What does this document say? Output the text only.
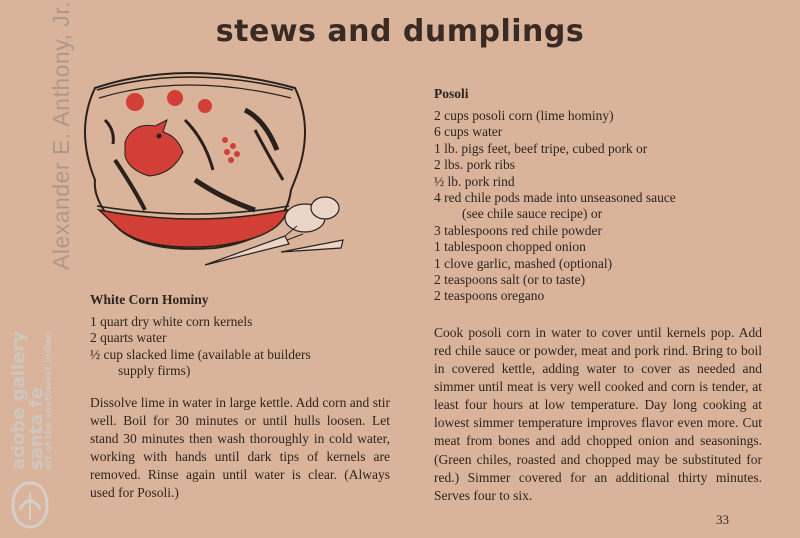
stews and dumplings
Alexander E. Anthony, Jr.
adobe gallery
santa fe
art of the southwest indian
White Corn Hominy
1 quart dry white corn kernels
2 quarts water
½ cup slacked lime (available at builders
supply firms)

Dissolve lime in water in large kettle. Add corn and stir well. Boil for 30 minutes or until hulls loosen. Let stand 30 minutes then wash thoroughly in cold water, working with hands until dark tips of kernels are removed. Rinse again until water is clear. (Always used for Posoli.)

Posoli
2 cups posoli corn (lime hominy)
6 cups water
1 lb. pigs feet, beef tripe, cubed pork or
2 lbs. pork ribs
½ lb. pork rind
4 red chile pods made into unseasoned sauce
(see chile sauce recipe) or
3 tablespoons red chile powder
1 tablespoon chopped onion
1 clove garlic, mashed (optional)
2 teaspoons salt (or to taste)
2 teaspoons oregano

Cook posoli corn in water to cover until kernels pop. Add red chile sauce or powder, meat and pork rind. Bring to boil in covered kettle, adding water to cover as needed and simmer until meat is very well cooked and corn is tender, at least four hours at low temperature. Day long cooking at lowest simmer temperature improves flavor even more. Cut meat from bones and add chopped onion and seasonings. (Green chiles, roasted and chopped may be substituted for red.) Simmer covered for an additional thirty minutes. Serves four to six.

33
